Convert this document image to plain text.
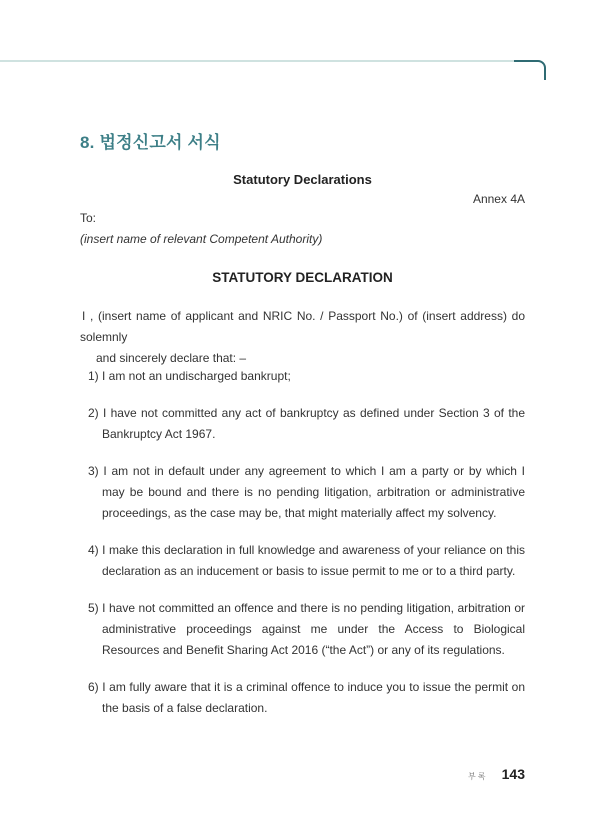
8. 법정신고서 서식
Statutory Declarations
Annex 4A
To:
(insert name of relevant Competent Authority)
STATUTORY DECLARATION
I , (insert name of applicant and NRIC No. / Passport No.) of (insert address) do solemnly
and sincerely declare that: –
1) I am not an undischarged bankrupt;
2) I have not committed any act of bankruptcy as defined under Section 3 of the Bankruptcy Act 1967.
3) I am not in default under any agreement to which I am a party or by which I may be bound and there is no pending litigation, arbitration or administrative proceedings, as the case may be, that might materially affect my solvency.
4) I make this declaration in full knowledge and awareness of your reliance on this declaration as an inducement or basis to issue permit to me or to a third party.
5) I have not committed an offence and there is no pending litigation, arbitration or administrative proceedings against me under the Access to Biological Resources and Benefit Sharing Act 2016 (“the Act”) or any of its regulations.
6) I am fully aware that it is a criminal offence to induce you to issue the permit on the basis of a false declaration.
부록 143
